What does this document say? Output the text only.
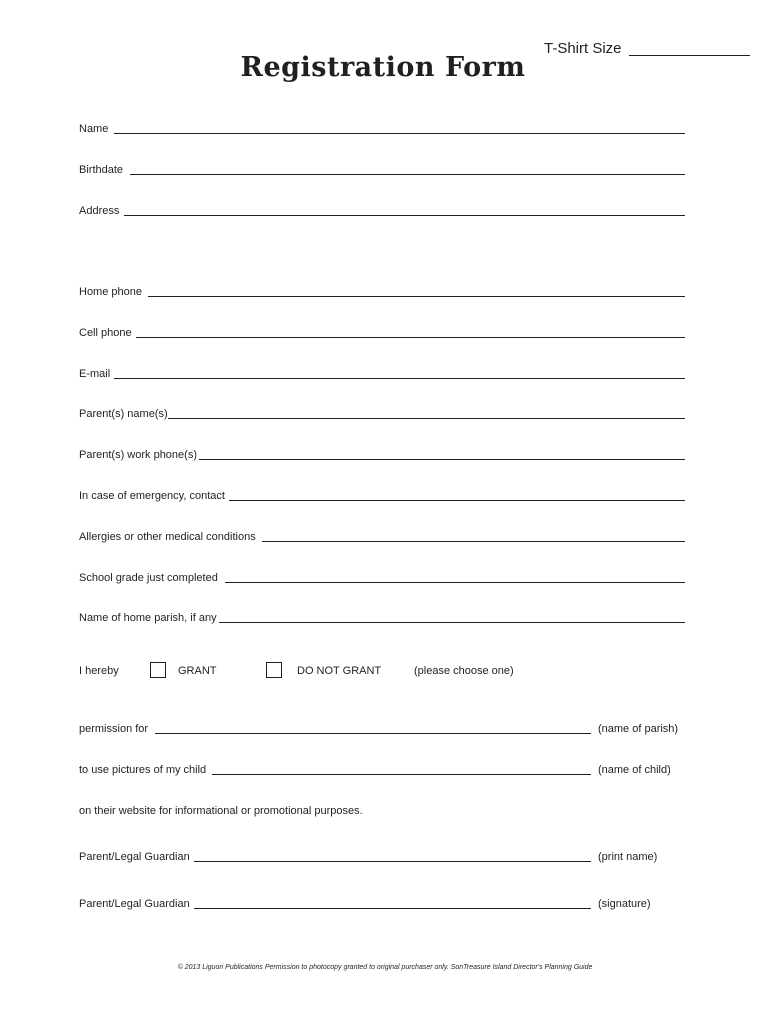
T-Shirt Size
Registration Form
Name
Birthdate
Address
Home phone
Cell phone
E-mail
Parent(s) name(s)
Parent(s) work phone(s)
In case of emergency, contact
Allergies or other medical conditions
School grade just completed
Name of home parish, if any
I hereby	GRANT	DO NOT GRANT	(please choose one)
permission for	(name of parish)
to use pictures of my child	(name of child)
on their website for informational or promotional purposes.
Parent/Legal Guardian	(print name)
Parent/Legal Guardian	(signature)
© 2013 Liguori Publications Permission to photocopy granted to original purchaser only. SonTreasure Island Director's Planning Guide
